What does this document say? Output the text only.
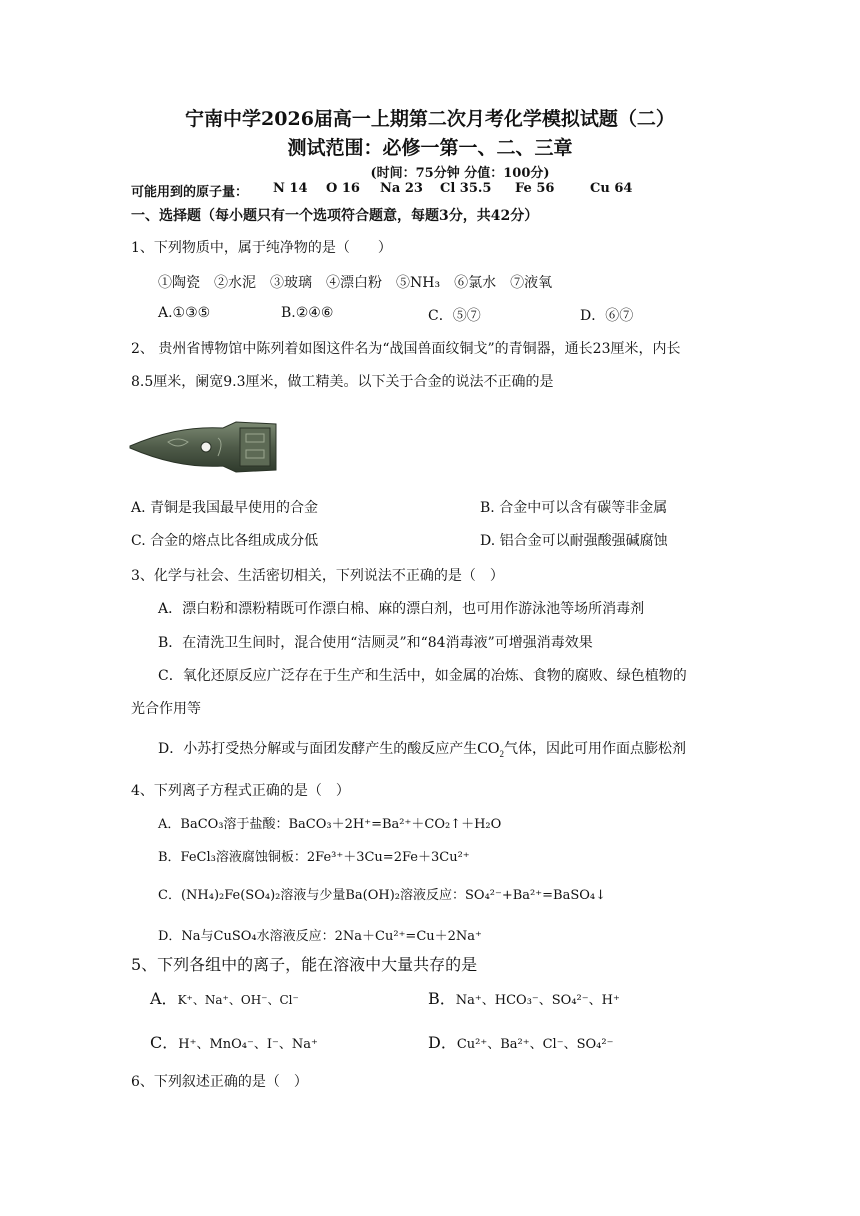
宁南中学2026届高一上期第二次月考化学模拟试题（二）
测试范围：必修一第一、二、三章
(时间：75分钟 分值：100分)
可能用到的原子量： N 14 O 16 Na 23 Cl 35.5 Fe 56	Cu 64
一、选择题（每小题只有一个选项符合题意，每题3分，共42分）
1、下列物质中，属于纯净物的是（　　）
①陶瓷　②水泥　③玻璃　④漂白粉　⑤NH₃　⑥氯水　⑦液氧
A.①③⑤	B.②④⑥	C．⑤⑦	D．⑥⑦
2、 贵州省博物馆中陈列着如图这件名为“战国兽面纹铜戈”的青铜器，通长23厘米，内长
8.5厘米，阑宽9.3厘米，做工精美。以下关于合金的说法不正确的是
A. 青铜是我国最早使用的合金	B. 合金中可以含有碳等非金属
C. 合金的熔点比各组成成分低	D. 铝合金可以耐强酸强碱腐蚀
3、化学与社会、生活密切相关，下列说法不正确的是（　）
A．漂白粉和漂粉精既可作漂白棉、麻的漂白剂，也可用作游泳池等场所消毒剂
B．在清洗卫生间时，混合使用“洁厕灵”和“84消毒液”可增强消毒效果
C．氧化还原反应广泛存在于生产和生活中，如金属的冶炼、食物的腐败、绿色植物的
光合作用等
D．小苏打受热分解或与面团发酵产生的酸反应产生$CO_2$气体，因此可用作面点膨松剂
4、下列离子方程式正确的是（　）
A．BaCO₃溶于盐酸：BaCO₃＋2H⁺=Ba²⁺＋CO₂↑＋H₂O
B．FeCl₃溶液腐蚀铜板：2Fe³⁺＋3Cu=2Fe＋3Cu²⁺
C．(NH₄)₂Fe(SO₄)₂溶液与少量Ba(OH)₂溶液反应：SO₄²⁻+Ba²⁺=BaSO₄↓
D．Na与CuSO₄水溶液反应：2Na＋Cu²⁺=Cu＋2Na⁺
5、下列各组中的离子，能在溶液中大量共存的是
A．K⁺、Na⁺、OH⁻、Cl⁻	B．Na⁺、HCO₃⁻、SO₄²⁻、H⁺
C．H⁺、MnO₄⁻、I⁻、Na⁺	D．Cu²⁺、Ba²⁺、Cl⁻、SO₄²⁻
6、下列叙述正确的是（　）
